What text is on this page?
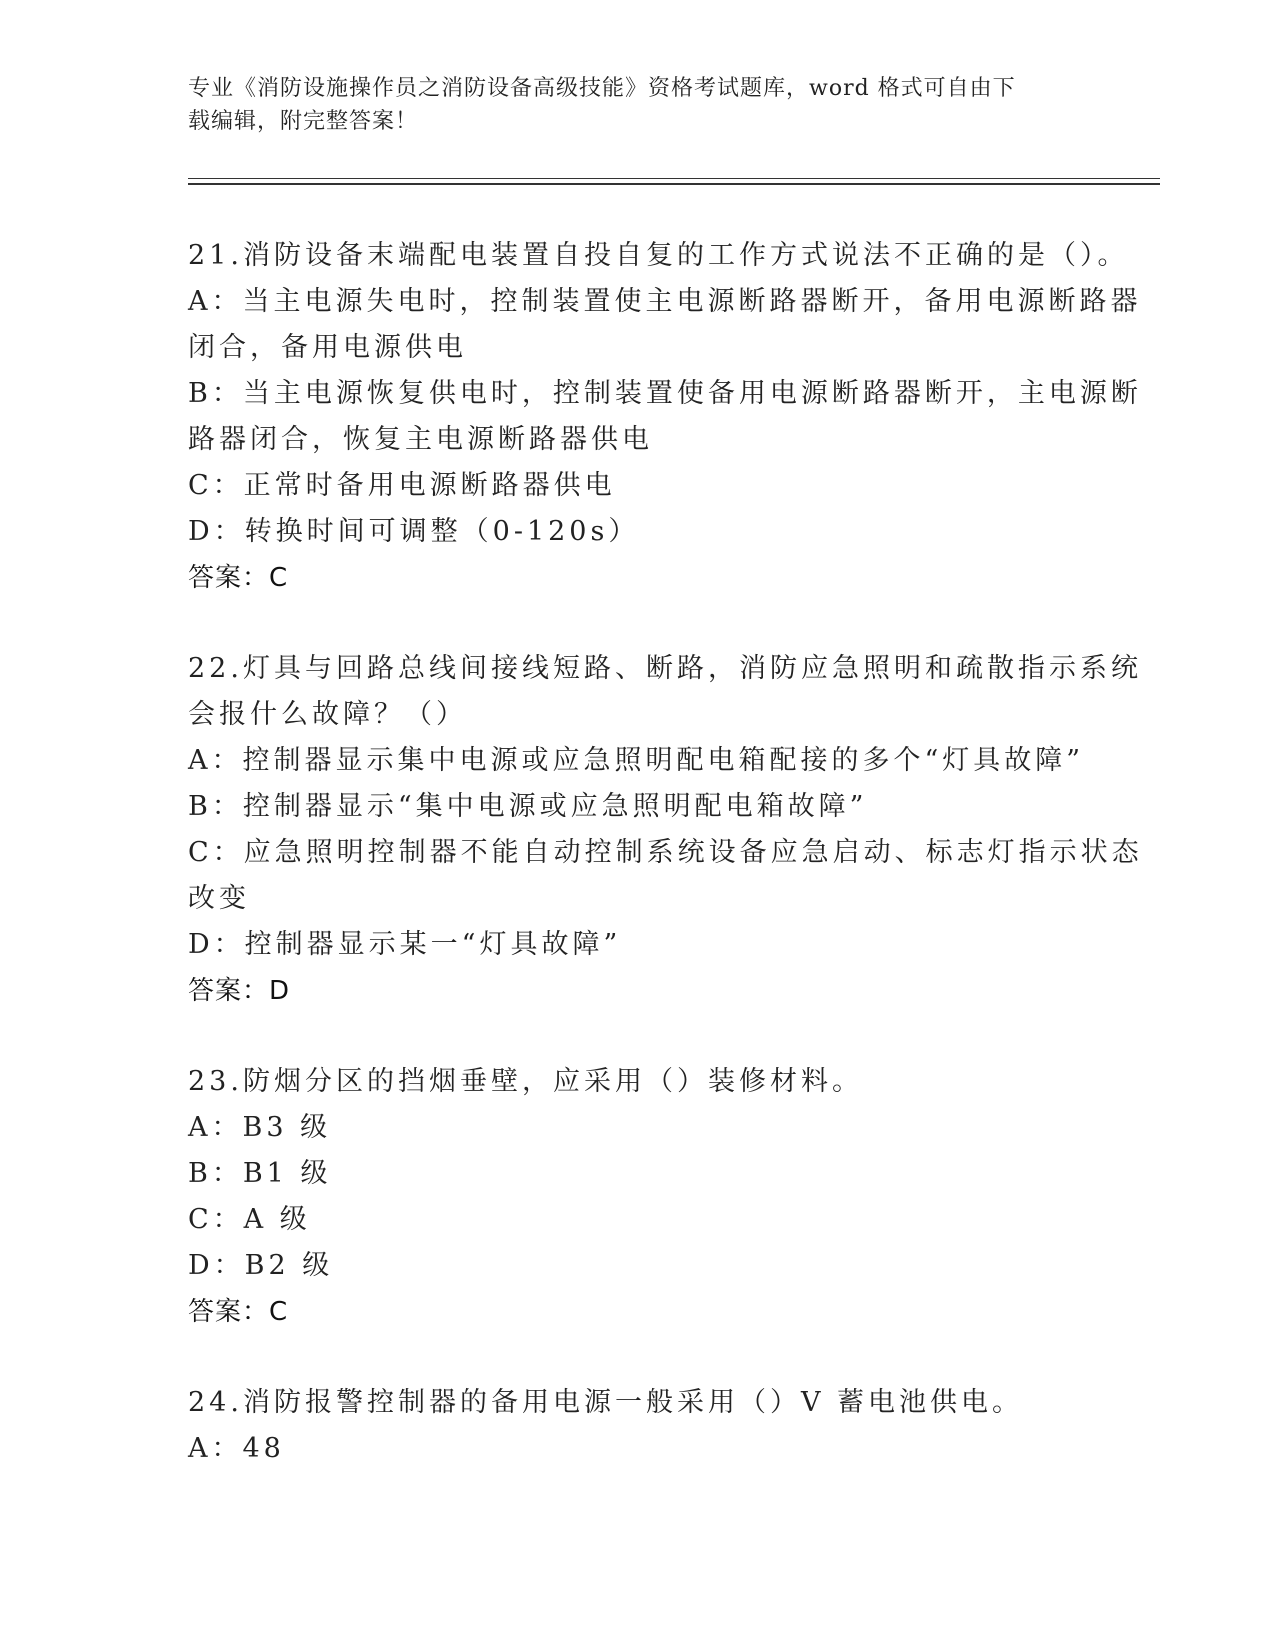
专业《消防设施操作员之消防设备高级技能》资格考试题库，word 格式可自由下
载编辑，附完整答案！
21.消防设备末端配电装置自投自复的工作方式说法不正确的是（）。
A：当主电源失电时，控制装置使主电源断路器断开，备用电源断路器
闭合，备用电源供电
B：当主电源恢复供电时，控制装置使备用电源断路器断开，主电源断
路器闭合，恢复主电源断路器供电
C：正常时备用电源断路器供电
D：转换时间可调整（0-120s）
答案：C
22.灯具与回路总线间接线短路、断路，消防应急照明和疏散指示系统
会报什么故障？（）
A：控制器显示集中电源或应急照明配电箱配接的多个“灯具故障”
B：控制器显示“集中电源或应急照明配电箱故障”
C：应急照明控制器不能自动控制系统设备应急启动、标志灯指示状态
改变
D：控制器显示某一“灯具故障”
答案：D
23.防烟分区的挡烟垂壁，应采用（）装修材料。
A：B3 级
B：B1 级
C：A 级
D：B2 级
答案：C
24.消防报警控制器的备用电源一般采用（）V 蓄电池供电。
A：48
